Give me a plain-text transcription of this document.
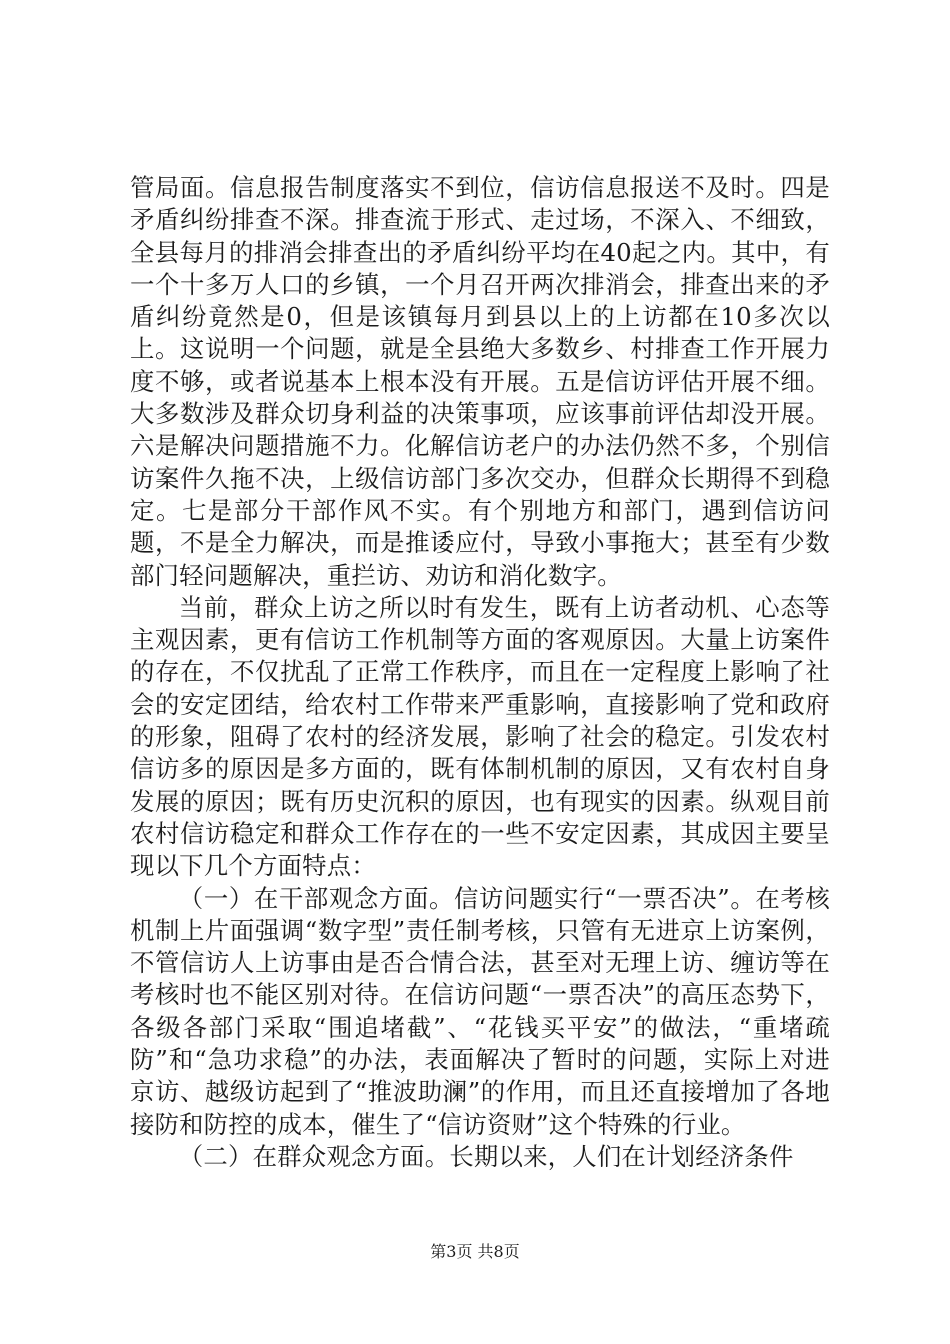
管局面。信息报告制度落实不到位，信访信息报送不及时。四是矛盾纠纷排查不深。排查流于形式、走过场，不深入、不细致，全县每月的排消会排查出的矛盾纠纷平均在40起之内。其中，有一个十多万人口的乡镇，一个月召开两次排消会，排查出来的矛盾纠纷竟然是0，但是该镇每月到县以上的上访都在10多次以上。这说明一个问题，就是全县绝大多数乡、村排查工作开展力度不够，或者说基本上根本没有开展。五是信访评估开展不细。大多数涉及群众切身利益的决策事项，应该事前评估却没开展。六是解决问题措施不力。化解信访老户的办法仍然不多，个别信访案件久拖不决，上级信访部门多次交办，但群众长期得不到稳定。七是部分干部作风不实。有个别地方和部门，遇到信访问题，不是全力解决，而是推诿应付，导致小事拖大；甚至有少数部门轻问题解决，重拦访、劝访和消化数字。

当前，群众上访之所以时有发生，既有上访者动机、心态等主观因素，更有信访工作机制等方面的客观原因。大量上访案件的存在，不仅扰乱了正常工作秩序，而且在一定程度上影响了社会的安定团结，给农村工作带来严重影响，直接影响了党和政府的形象，阻碍了农村的经济发展，影响了社会的稳定。引发农村信访多的原因是多方面的，既有体制机制的原因，又有农村自身发展的原因；既有历史沉积的原因，也有现实的因素。纵观目前农村信访稳定和群众工作存在的一些不安定因素，其成因主要呈现以下几个方面特点：

（一）在干部观念方面。信访问题实行“一票否决”。在考核机制上片面强调“数字型”责任制考核，只管有无进京上访案例，不管信访人上访事由是否合情合法，甚至对无理上访、缠访等在考核时也不能区别对待。在信访问题“一票否决”的高压态势下，各级各部门采取“围追堵截”、“花钱买平安”的做法，“重堵疏防”和“急功求稳”的办法，表面解决了暂时的问题，实际上对进京访、越级访起到了“推波助澜”的作用，而且还直接增加了各地接防和防控的成本，催生了“信访资财”这个特殊的行业。

（二）在群众观念方面。长期以来，人们在计划经济条件

第3页 共8页
